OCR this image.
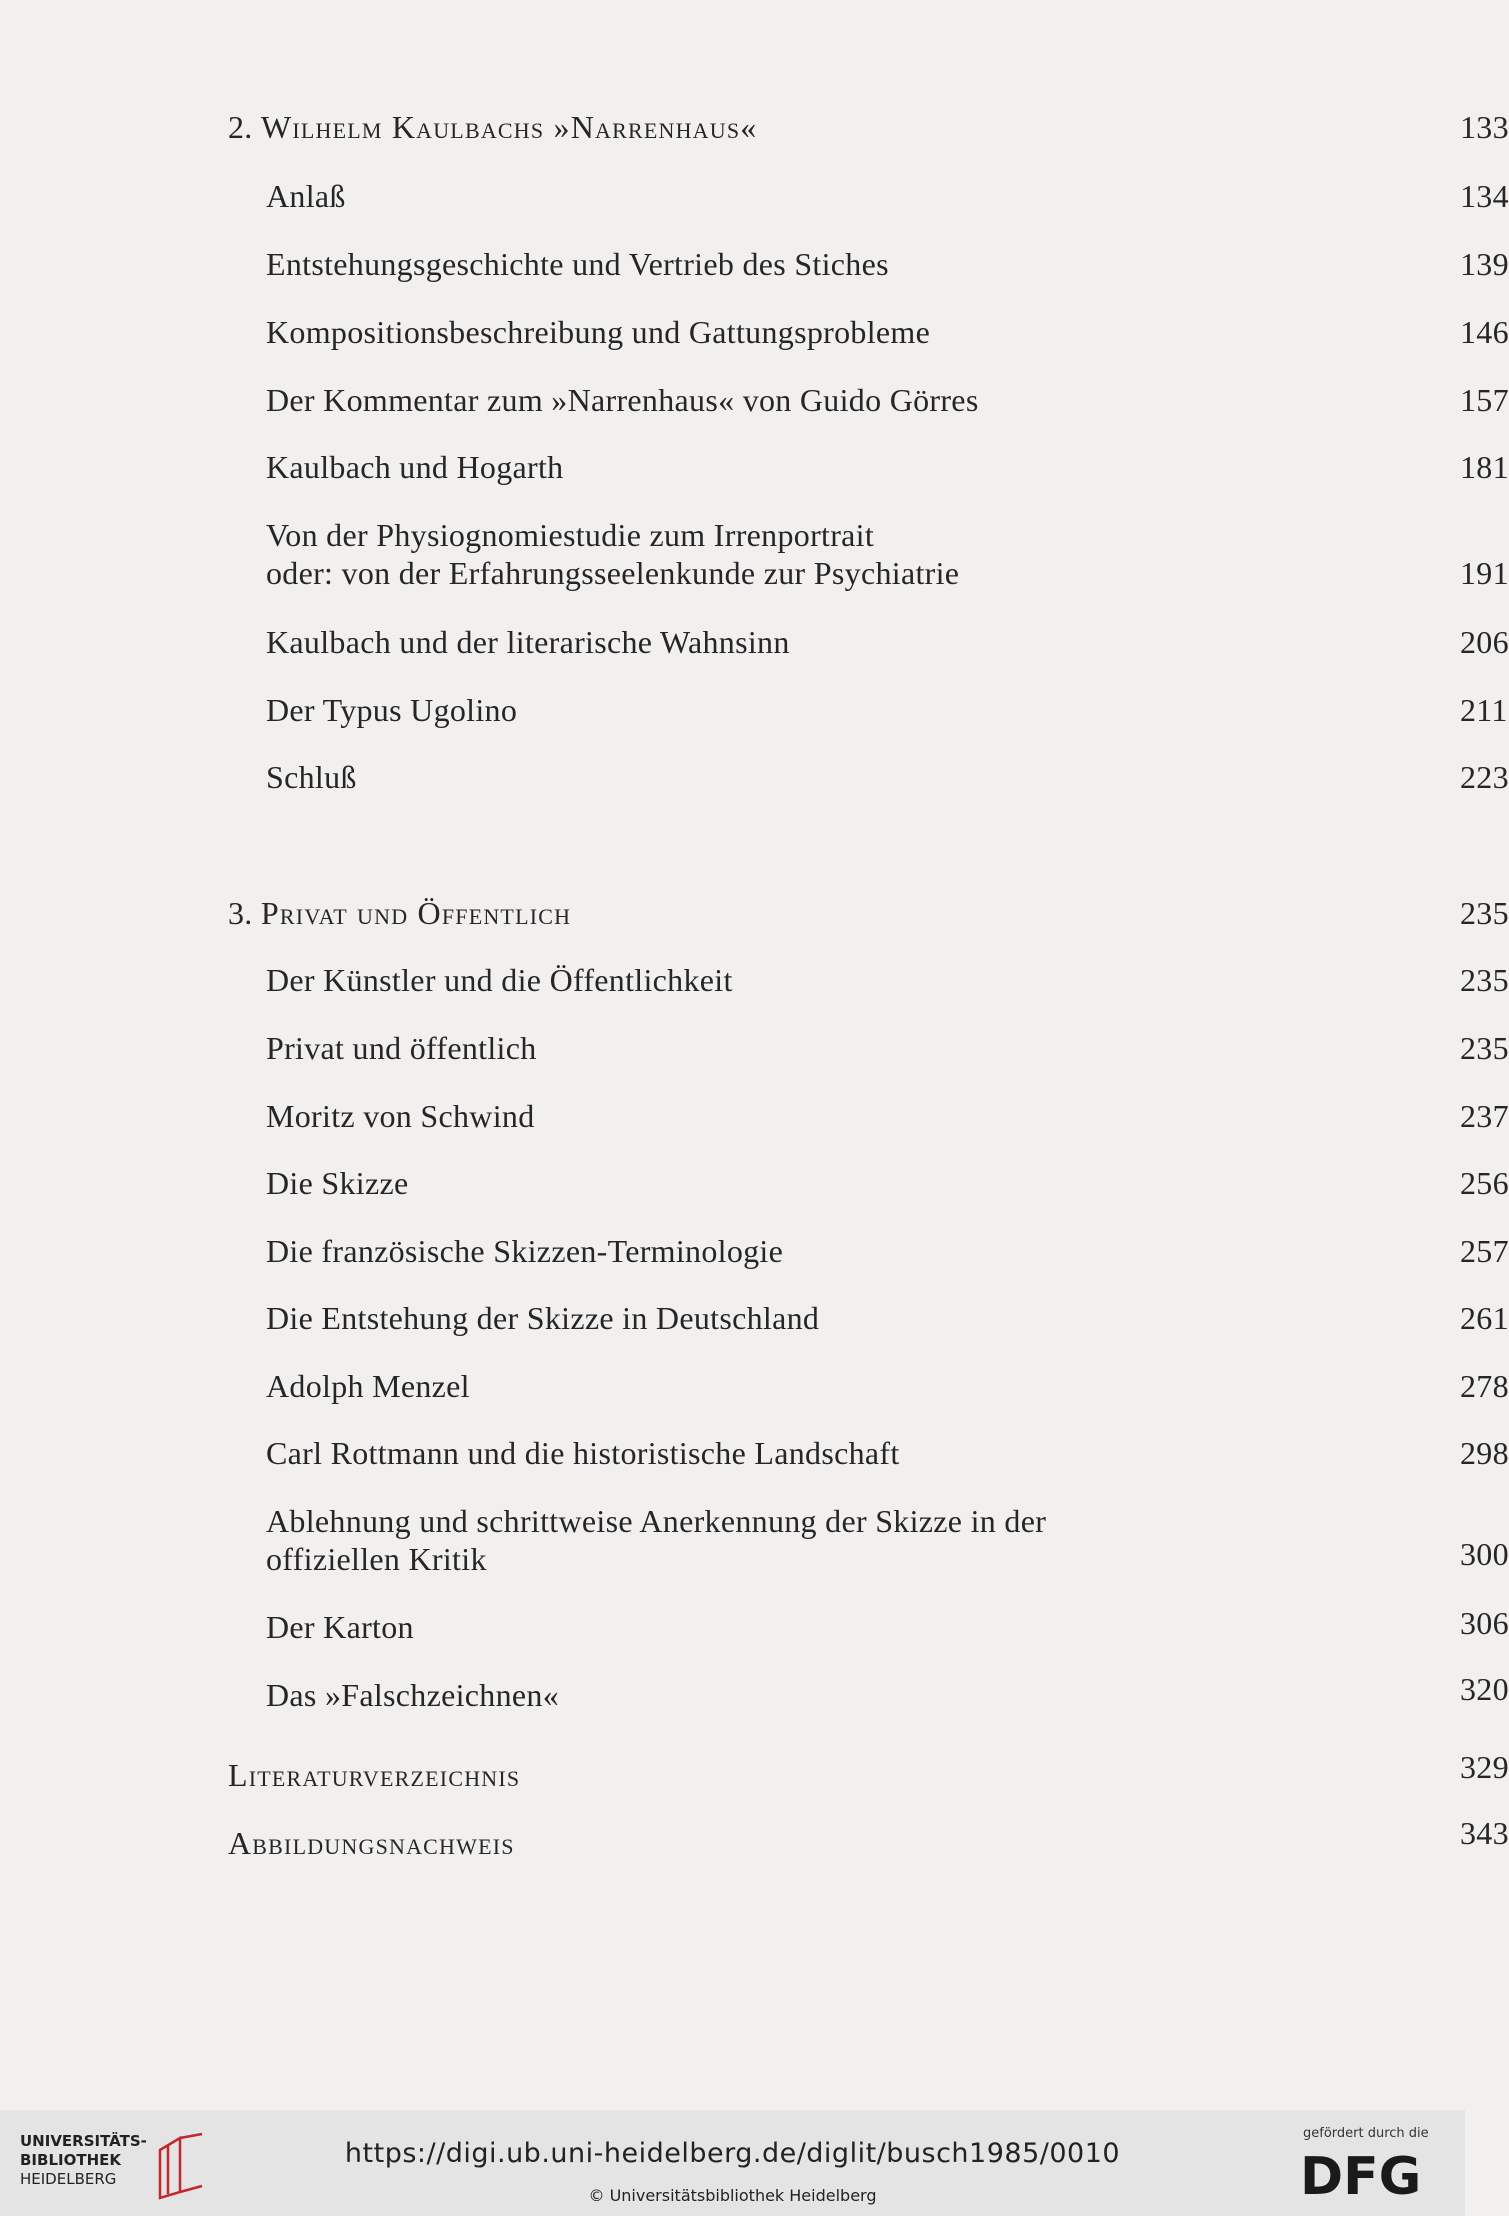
2. Wilhelm Kaulbachs »Narrenhaus«	133
Anlaß	134
Entstehungsgeschichte und Vertrieb des Stiches	139
Kompositionsbeschreibung und Gattungsprobleme	146
Der Kommentar zum »Narrenhaus« von Guido Görres	157
Kaulbach und Hogarth	181
Von der Physiognomiestudie zum Irrenportrait
oder: von der Erfahrungsseelenkunde zur Psychiatrie	191
Kaulbach und der literarische Wahnsinn	206
Der Typus Ugolino	211
Schluß	223
3. Privat und Öffentlich	235
Der Künstler und die Öffentlichkeit	235
Privat und öffentlich	235
Moritz von Schwind	237
Die Skizze	256
Die französische Skizzen-Terminologie	257
Die Entstehung der Skizze in Deutschland	261
Adolph Menzel	278
Carl Rottmann und die historistische Landschaft	298
Ablehnung und schrittweise Anerkennung der Skizze in der
offiziellen Kritik	300
Der Karton	306
Das »Falschzeichnen«	320
Literaturverzeichnis	329
Abbildungsnachweis	343
UNIVERSITÄTS-
BIBLIOTHEK
HEIDELBERG
https://digi.ub.uni-heidelberg.de/diglit/busch1985/0010
© Universitätsbibliothek Heidelberg
gefördert durch die
DFG
